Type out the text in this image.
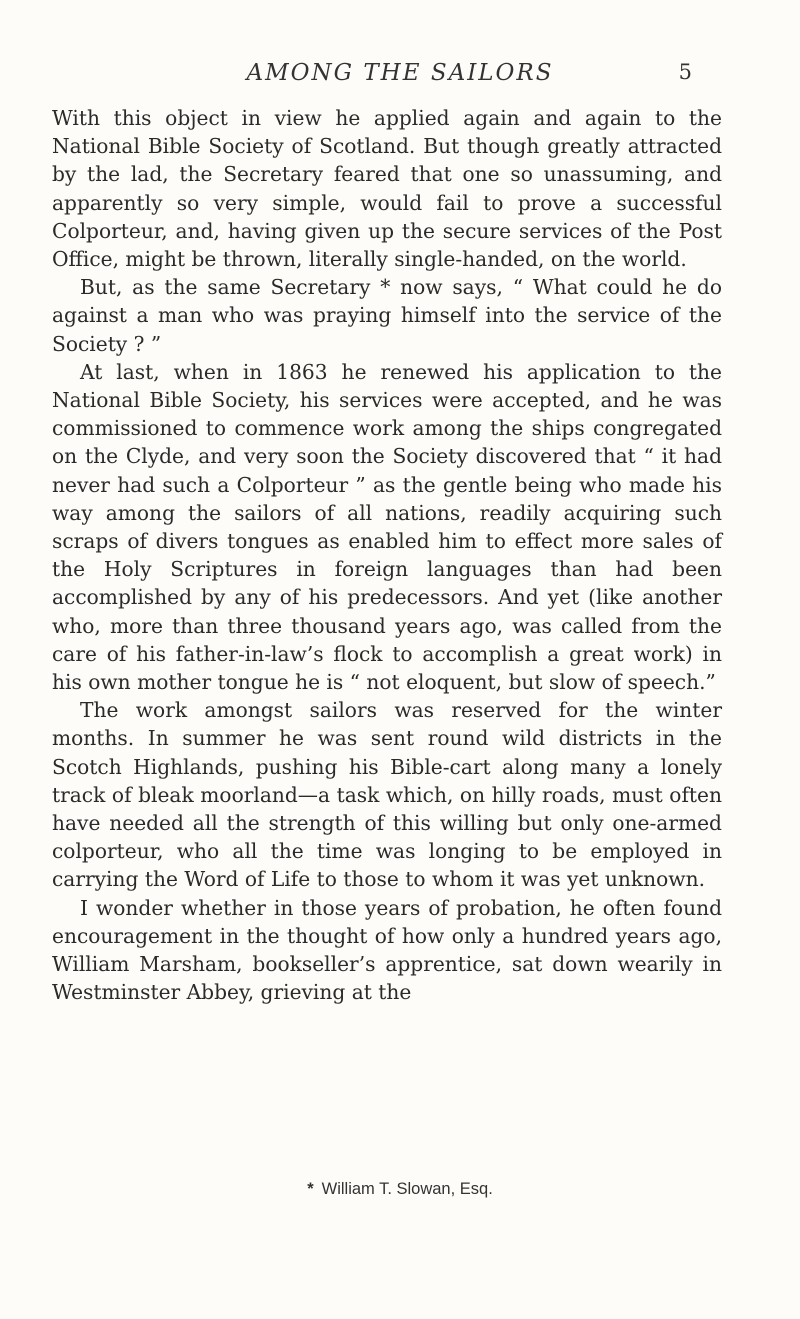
AMONG THE SAILORS	5

With this object in view he applied again and again to the National Bible Society of Scotland. But though greatly attracted by the lad, the Secretary feared that one so unassuming, and apparently so very simple, would fail to prove a successful Colporteur, and, having given up the secure services of the Post Office, might be thrown, literally single-handed, on the world.

But, as the same Secretary * now says, “ What could he do against a man who was praying himself into the service of the Society ? ”

At last, when in 1863 he renewed his application to the National Bible Society, his services were accepted, and he was commissioned to commence work among the ships congregated on the Clyde, and very soon the Society discovered that “ it had never had such a Colporteur ” as the gentle being who made his way among the sailors of all nations, readily acquiring such scraps of divers tongues as enabled him to effect more sales of the Holy Scriptures in foreign languages than had been accomplished by any of his predecessors. And yet (like another who, more than three thousand years ago, was called from the care of his father-in-law’s flock to accomplish a great work) in his own mother tongue he is “ not eloquent, but slow of speech.”

The work amongst sailors was reserved for the winter months. In summer he was sent round wild districts in the Scotch Highlands, pushing his Bible-cart along many a lonely track of bleak moorland—a task which, on hilly roads, must often have needed all the strength of this willing but only one-armed colporteur, who all the time was longing to be employed in carrying the Word of Life to those to whom it was yet unknown.

I wonder whether in those years of probation, he often found encouragement in the thought of how only a hundred years ago, William Marsham, bookseller’s apprentice, sat down wearily in Westminster Abbey, grieving at the

* William T. Slowan, Esq.
